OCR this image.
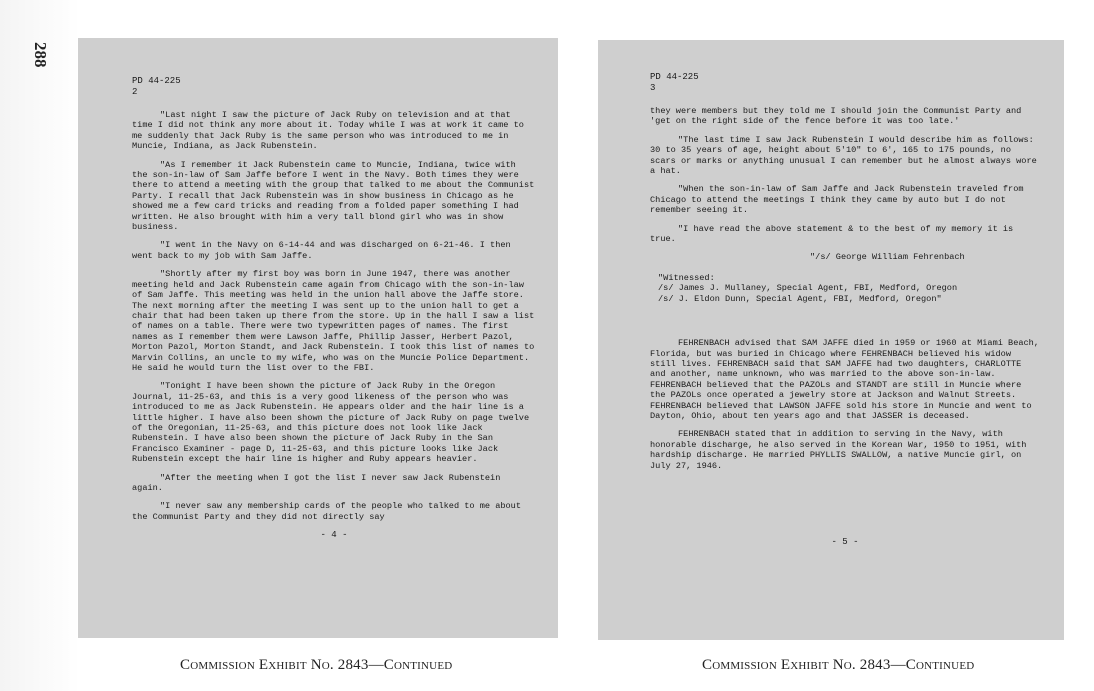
288
PD 44-225
2

"Last night I saw the picture of Jack Ruby on television and at that time I did not think any more about it. Today while I was at work it came to me suddenly that Jack Ruby is the same person who was introduced to me in Muncie, Indiana, as Jack Rubenstein.

"As I remember it Jack Rubenstein came to Muncie, Indiana, twice with the son-in-law of Sam Jaffe before I went in the Navy. Both times they were there to attend a meeting with the group that talked to me about the Communist Party. I recall that Jack Rubenstein was in show business in Chicago as he showed me a few card tricks and reading from a folded paper something I had written. He also brought with him a very tall blond girl who was in show business.

"I went in the Navy on 6-14-44 and was discharged on 6-21-46. I then went back to my job with Sam Jaffe.

"Shortly after my first boy was born in June 1947, there was another meeting held and Jack Rubenstein came again from Chicago with the son-in-law of Sam Jaffe. This meeting was held in the union hall above the Jaffe store. The next morning after the meeting I was sent up to the union hall to get a chair that had been taken up there from the store. Up in the hall I saw a list of names on a table. There were two typewritten pages of names. The first names as I remember them were Lawson Jaffe, Phillip Jasser, Herbert Pazol, Morton Pazol, Morton Standt, and Jack Rubenstein. I took this list of names to Marvin Collins, an uncle to my wife, who was on the Muncie Police Department. He said he would turn the list over to the FBI.

"Tonight I have been shown the picture of Jack Ruby in the Oregon Journal, 11-25-63, and this is a very good likeness of the person who was introduced to me as Jack Rubenstein. He appears older and the hair line is a little higher. I have also been shown the picture of Jack Ruby on page twelve of the Oregonian, 11-25-63, and this picture does not look like Jack Rubenstein. I have also been shown the picture of Jack Ruby in the San Francisco Examiner - page D, 11-25-63, and this picture looks like Jack Rubenstein except the hair line is higher and Ruby appears heavier.

"After the meeting when I got the list I never saw Jack Rubenstein again.

"I never saw any membership cards of the people who talked to me about the Communist Party and they did not directly say

- 4 -
PD 44-225
3

they were members but they told me I should join the Communist Party and 'get on the right side of the fence before it was too late.'

"The last time I saw Jack Rubenstein I would describe him as follows: 30 to 35 years of age, height about 5'10" to 6', 165 to 175 pounds, no scars or marks or anything unusual I can remember but he almost always wore a hat.

"When the son-in-law of Sam Jaffe and Jack Rubenstein traveled from Chicago to attend the meetings I think they came by auto but I do not remember seeing it.

"I have read the above statement & to the best of my memory it is true.

"/s/ George William Fehrenbach

"Witnessed:
/s/ James J. Mullaney, Special Agent, FBI, Medford, Oregon
/s/ J. Eldon Dunn, Special Agent, FBI, Medford, Oregon"

FEHRENBACH advised that SAM JAFFE died in 1959 or 1960 at Miami Beach, Florida, but was buried in Chicago where FEHRENBACH believed his widow still lives. FEHRENBACH said that SAM JAFFE had two daughters, CHARLOTTE and another, name unknown, who was married to the above son-in-law. FEHRENBACH believed that the PAZOLs and STANDT are still in Muncie where the PAZOLs once operated a jewelry store at Jackson and Walnut Streets. FEHRENBACH believed that LAWSON JAFFE sold his store in Muncie and went to Dayton, Ohio, about ten years ago and that JASSER is deceased.

FEHRENBACH stated that in addition to serving in the Navy, with honorable discharge, he also served in the Korean War, 1950 to 1951, with hardship discharge. He married PHYLLIS SWALLOW, a native Muncie girl, on July 27, 1946.

- 5 -
Commission Exhibit No. 2843—Continued	Commission Exhibit No. 2843—Continued
